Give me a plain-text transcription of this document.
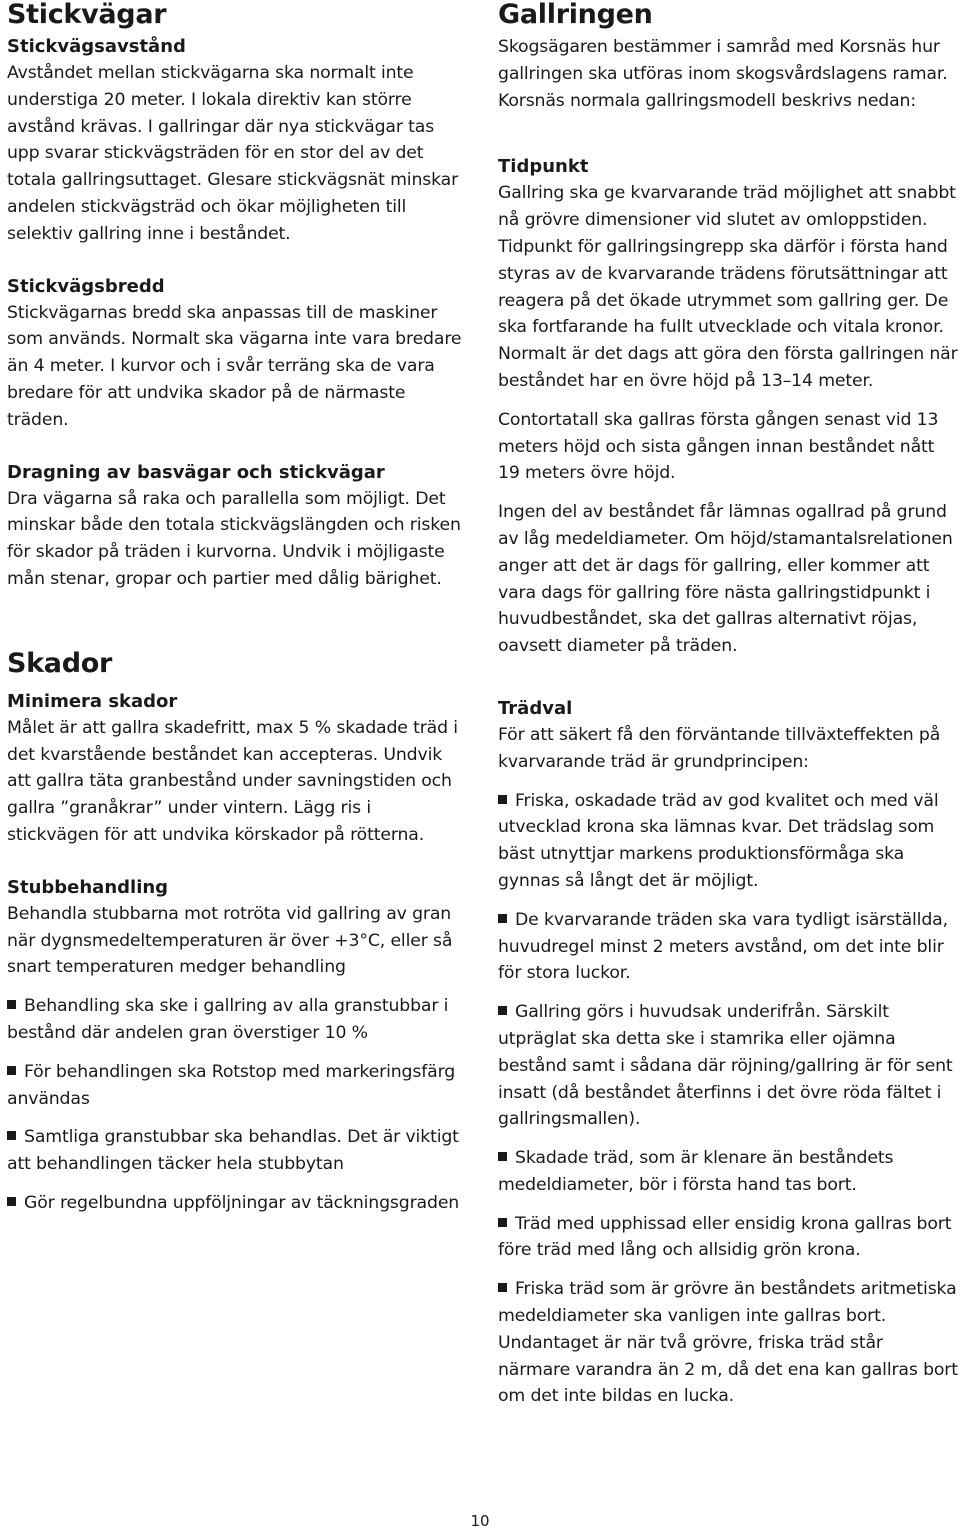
Stickvägar
Stickvägsavstånd

Avståndet mellan stickvägarna ska normalt inte understiga 20 meter. I lokala direktiv kan större avstånd krävas. I gallringar där nya stickvägar tas upp svarar stickvägsträden för en stor del av det totala gallringsuttaget. Glesare stickvägsnät minskar andelen stickvägsträd och ökar möjligheten till selektiv gallring inne i beståndet.

Stickvägsbredd

Stickvägarnas bredd ska anpassas till de maskiner som används. Normalt ska vägarna inte vara bredare än 4 meter. I kurvor och i svår terräng ska de vara bredare för att undvika skador på de närmaste träden.

Dragning av basvägar och stickvägar

Dra vägarna så raka och parallella som möjligt. Det minskar både den totala stickvägslängden och risken för skador på träden i kurvorna. Undvik i möjligaste mån stenar, gropar och partier med dålig bärighet.

Skador
Minimera skador

Målet är att gallra skadefritt, max 5 % skadade träd i det kvarstående beståndet kan accepteras. Undvik att gallra täta granbestånd under savningstiden och gallra ”granåkrar” under vintern. Lägg ris i stickvägen för att undvika körskador på rötterna.

Stubbehandling

Behandla stubbarna mot rotröta vid gallring av gran när dygnsmedeltemperaturen är över +3°C, eller så snart temperaturen medger behandling

Behandling ska ske i gallring av alla granstubbar i bestånd där andelen gran överstiger 10 %

För behandlingen ska Rotstop med markeringsfärg användas

Samtliga granstubbar ska behandlas. Det är viktigt att behandlingen täcker hela stubbytan

Gör regelbundna uppföljningar av täckningsgraden

Gallringen

Skogsägaren bestämmer i samråd med Korsnäs hur gallringen ska utföras inom skogsvårdslagens ramar. Korsnäs normala gallringsmodell beskrivs nedan:

Tidpunkt

Gallring ska ge kvarvarande träd möjlighet att snabbt nå grövre dimensioner vid slutet av omloppstiden. Tidpunkt för gallringsingrepp ska därför i första hand styras av de kvarvarande trädens förutsättningar att reagera på det ökade utrymmet som gallring ger. De ska fortfarande ha fullt utvecklade och vitala kronor. Normalt är det dags att göra den första gallringen när beståndet har en övre höjd på 13–14 meter.

Contortatall ska gallras första gången senast vid 13 meters höjd och sista gången innan beståndet nått 19 meters övre höjd.

Ingen del av beståndet får lämnas ogallrad på grund av låg medeldiameter. Om höjd/stamantalsrelationen anger att det är dags för gallring, eller kommer att vara dags för gallring före nästa gallringstidpunkt i huvudbeståndet, ska det gallras alternativt röjas, oavsett diameter på träden.

Trädval

För att säkert få den förväntande tillväxteffekten på kvarvarande träd är grundprincipen:

Friska, oskadade träd av god kvalitet och med väl utvecklad krona ska lämnas kvar. Det trädslag som bäst utnyttjar markens produktionsförmåga ska gynnas så långt det är möjligt.

De kvarvarande träden ska vara tydligt isärställda, huvudregel minst 2 meters avstånd, om det inte blir för stora luckor.

Gallring görs i huvudsak underifrån. Särskilt utpräglat ska detta ske i stamrika eller ojämna bestånd samt i sådana där röjning/gallring är för sent insatt (då beståndet återfinns i det övre röda fältet i gallringsmallen).

Skadade träd, som är klenare än beståndets medeldiameter, bör i första hand tas bort.

Träd med upphissad eller ensidig krona gallras bort före träd med lång och allsidig grön krona.

Friska träd som är grövre än beståndets aritmetiska medeldiameter ska vanligen inte gallras bort. Undantaget är när två grövre, friska träd står närmare varandra än 2 m, då det ena kan gallras bort om det inte bildas en lucka.

10
